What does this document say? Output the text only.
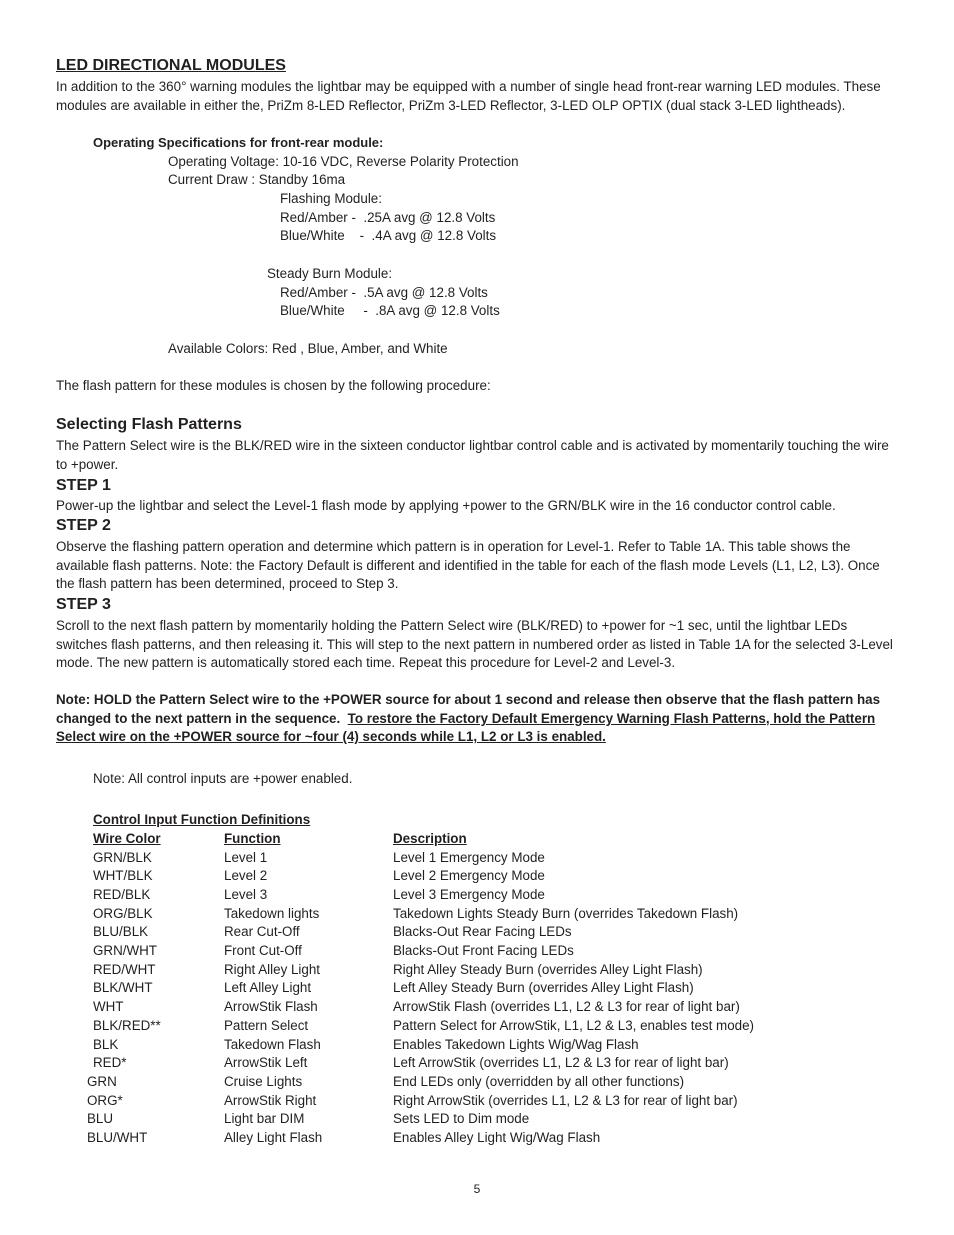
LED DIRECTIONAL MODULES
In addition to the 360° warning modules the lightbar may be equipped with a number of single head front-rear warning LED modules. These modules are available in either the, PriZm 8-LED Reflector, PriZm 3-LED Reflector, 3-LED OLP OPTIX (dual stack 3-LED lightheads).
Operating Specifications for front-rear module:
Operating Voltage: 10-16 VDC, Reverse Polarity Protection
Current Draw : Standby 16ma
Flashing Module:
Red/Amber -  .25A avg @ 12.8 Volts
Blue/White    -  .4A avg @ 12.8 Volts
Steady Burn Module:
Red/Amber -  .5A avg @ 12.8 Volts
Blue/White     -  .8A avg @ 12.8 Volts
Available Colors: Red , Blue, Amber, and White
The flash pattern for these modules is chosen by the following procedure:
Selecting Flash Patterns
The Pattern Select wire is the BLK/RED wire in the sixteen conductor lightbar control cable and is activated by momentarily touching the wire to +power.
STEP 1
Power-up the lightbar and select the Level-1 flash mode by applying +power to the GRN/BLK wire in the 16 conductor control cable.
STEP 2
Observe the flashing pattern operation and determine which pattern is in operation for Level-1. Refer to Table 1A. This table shows the available flash patterns. Note: the Factory Default is different and identified in the table for each of the flash mode Levels (L1, L2, L3). Once the flash pattern has been determined, proceed to Step 3.
STEP 3
Scroll to the next flash pattern by momentarily holding the Pattern Select wire (BLK/RED) to +power for ~1 sec, until the lightbar LEDs switches flash patterns, and then releasing it. This will step to the next pattern in numbered order as listed in Table 1A for the selected 3-Level mode. The new pattern is automatically stored each time. Repeat this procedure for Level-2 and Level-3.
Note: HOLD the Pattern Select wire to the +POWER source for about 1 second and release then observe that the flash pattern has changed to the next pattern in the sequence.  To restore the Factory Default Emergency Warning Flash Patterns, hold the Pattern Select wire on the +POWER source for ~four (4) seconds while L1, L2 or L3 is enabled.
Note: All control inputs are +power enabled.
Control Input Function Definitions
Wire Color	Function	Description
GRN/BLK	Level 1	Level 1 Emergency Mode
WHT/BLK	Level 2	Level 2 Emergency Mode
RED/BLK	Level 3	Level 3 Emergency Mode
ORG/BLK	Takedown lights	Takedown Lights Steady Burn (overrides Takedown Flash)
BLU/BLK	Rear Cut-Off	Blacks-Out Rear Facing LEDs
GRN/WHT	Front Cut-Off	Blacks-Out Front Facing LEDs
RED/WHT	Right Alley Light	Right Alley Steady Burn (overrides Alley Light Flash)
BLK/WHT	Left Alley Light	Left Alley Steady Burn (overrides Alley Light Flash)
WHT	ArrowStik Flash	ArrowStik Flash (overrides L1, L2 & L3 for rear of light bar)
BLK/RED**	Pattern Select	Pattern Select for ArrowStik, L1, L2 & L3, enables test mode)
BLK	Takedown Flash	Enables Takedown Lights Wig/Wag Flash
RED*	ArrowStik Left	Left ArrowStik (overrides L1, L2 & L3 for rear of light bar)
GRN	Cruise Lights	End LEDs only (overridden by all other functions)
ORG*	ArrowStik Right	Right ArrowStik (overrides L1, L2 & L3 for rear of light bar)
BLU	Light bar DIM	Sets LED to Dim mode
BLU/WHT	Alley Light Flash	Enables Alley Light Wig/Wag Flash
5
